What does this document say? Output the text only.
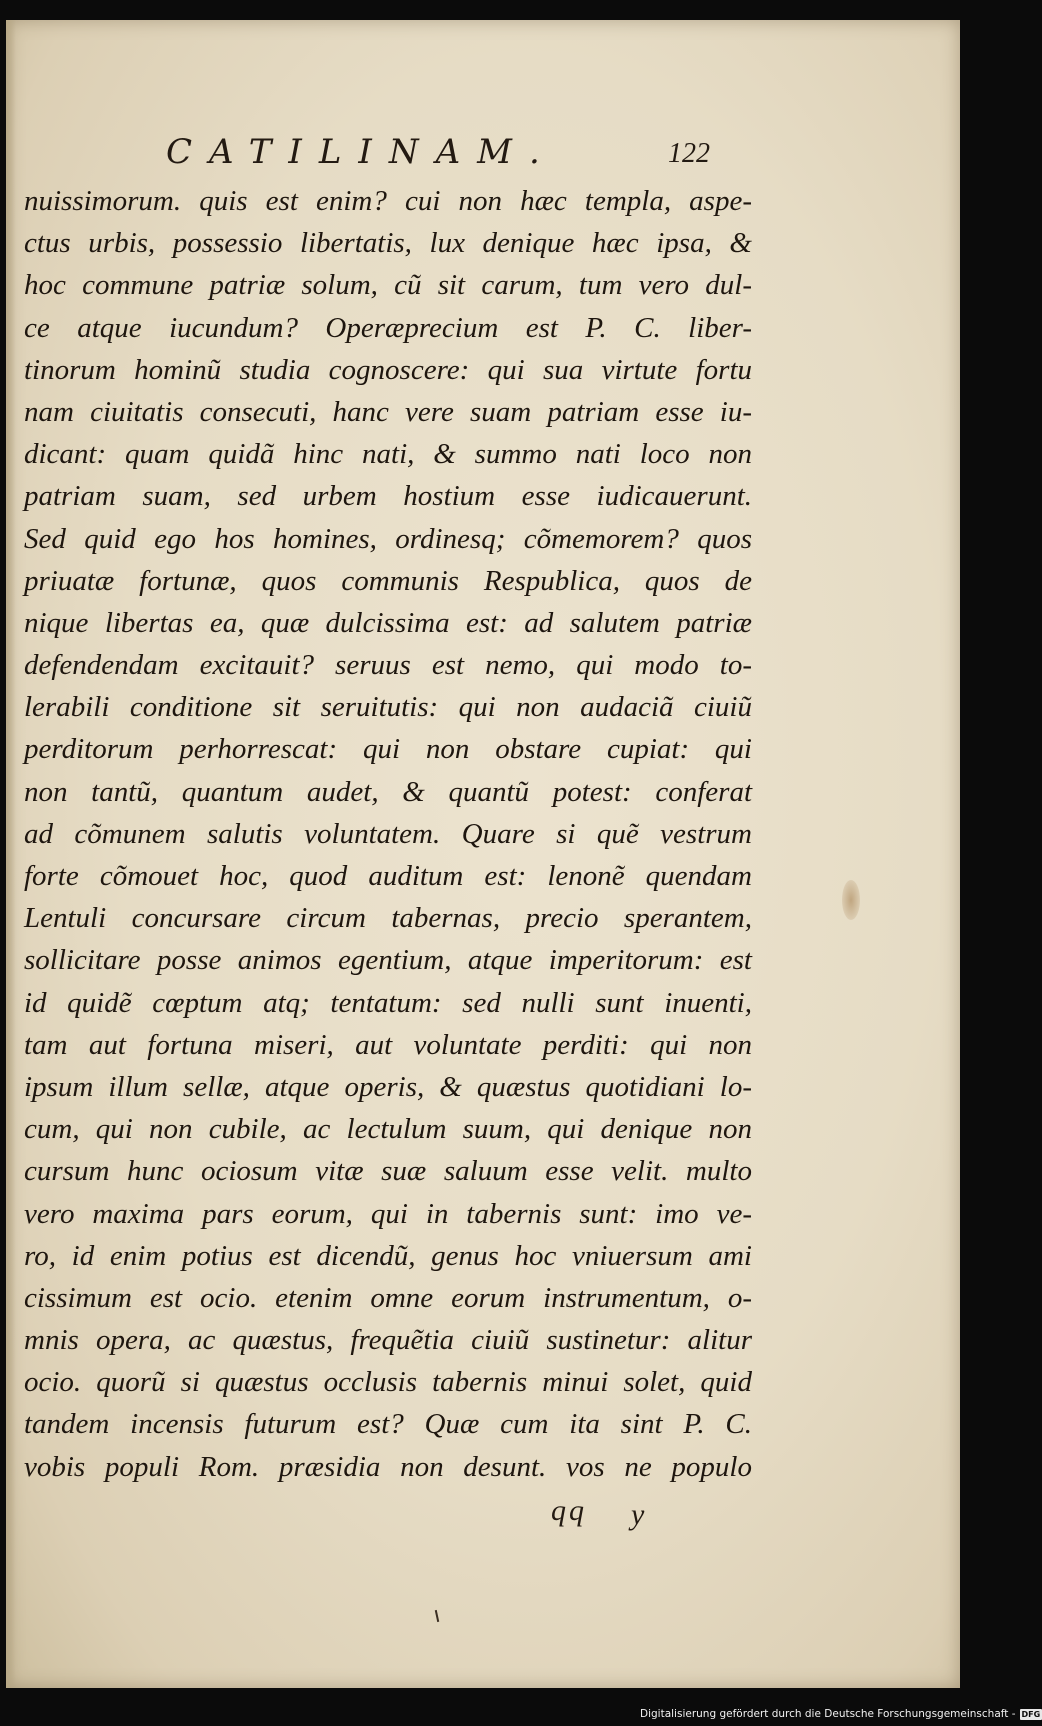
CATILINAM.	122
nuissimorum. quis est enim? cui non hæc templa, aspe-
ctus urbis, possessio libertatis, lux denique hæc ipsa, &
hoc commune patriæ solum, cũ sit carum, tum vero dul-
ce atque iucundum? Operæprecium est P. C. liber-
tinorum hominũ studia cognoscere: qui sua virtute fortu
nam ciuitatis consecuti, hanc vere suam patriam esse iu-
dicant: quam quidã hinc nati, & summo nati loco non
patriam suam, sed urbem hostium esse iudicauerunt.
Sed quid ego hos homines, ordinesq; cõmemorem? quos
priuatæ fortunæ, quos communis Respublica, quos de
nique libertas ea, quæ dulcissima est: ad salutem patriæ
defendendam excitauit? seruus est nemo, qui modo to-
lerabili conditione sit seruitutis: qui non audaciã ciuiũ
perditorum perhorrescat: qui non obstare cupiat: qui
non tantũ, quantum audet, & quantũ potest: conferat
ad cõmunem salutis voluntatem. Quare si quẽ vestrum
forte cõmouet hoc, quod auditum est: lenonẽ quendam
Lentuli concursare circum tabernas, precio sperantem,
sollicitare posse animos egentium, atque imperitorum: est
id quidẽ cœptum atq; tentatum: sed nulli sunt inuenti,
tam aut fortuna miseri, aut voluntate perditi: qui non
ipsum illum sellæ, atque operis, & quæstus quotidiani lo-
cum, qui non cubile, ac lectulum suum, qui denique non
cursum hunc ociosum vitæ suæ saluum esse velit. multo
vero maxima pars eorum, qui in tabernis sunt: imo ve-
ro, id enim potius est dicendũ, genus hoc vniuersum ami
cissimum est ocio. etenim omne eorum instrumentum, o-
mnis opera, ac quæstus, frequẽtia ciuiũ sustinetur: alitur
ocio. quorũ si quæstus occlusis tabernis minui solet, quid
tandem incensis futurum est? Quæ cum ita sint P. C.
vobis populi Rom. præsidia non desunt. vos ne populo
qq y
Digitalisierung gefördert durch die Deutsche Forschungsgemeinschaft - DFG
